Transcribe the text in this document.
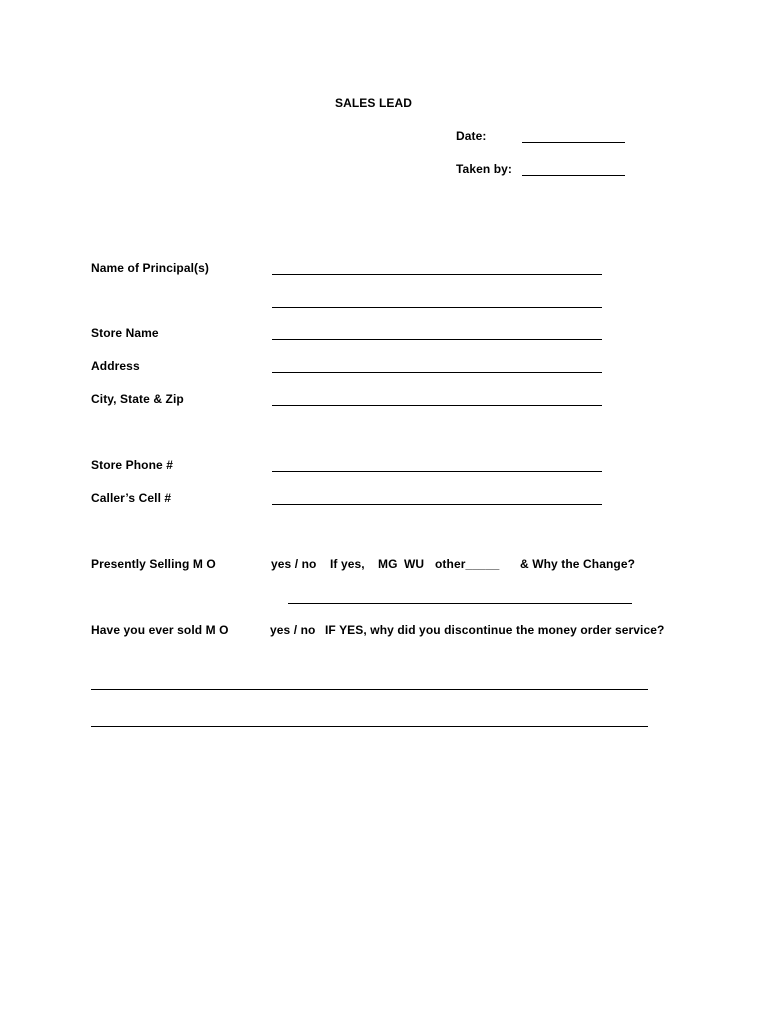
SALES LEAD
Date:
Taken by:
Name of Principal(s)
Store Name
Address
City, State & Zip
Store Phone #
Caller’s Cell #
Presently Selling M O	yes / no If yes, MG WU other_____ & Why the Change?
Have you ever sold M O	yes / no IF YES, why did you discontinue the money order service?
